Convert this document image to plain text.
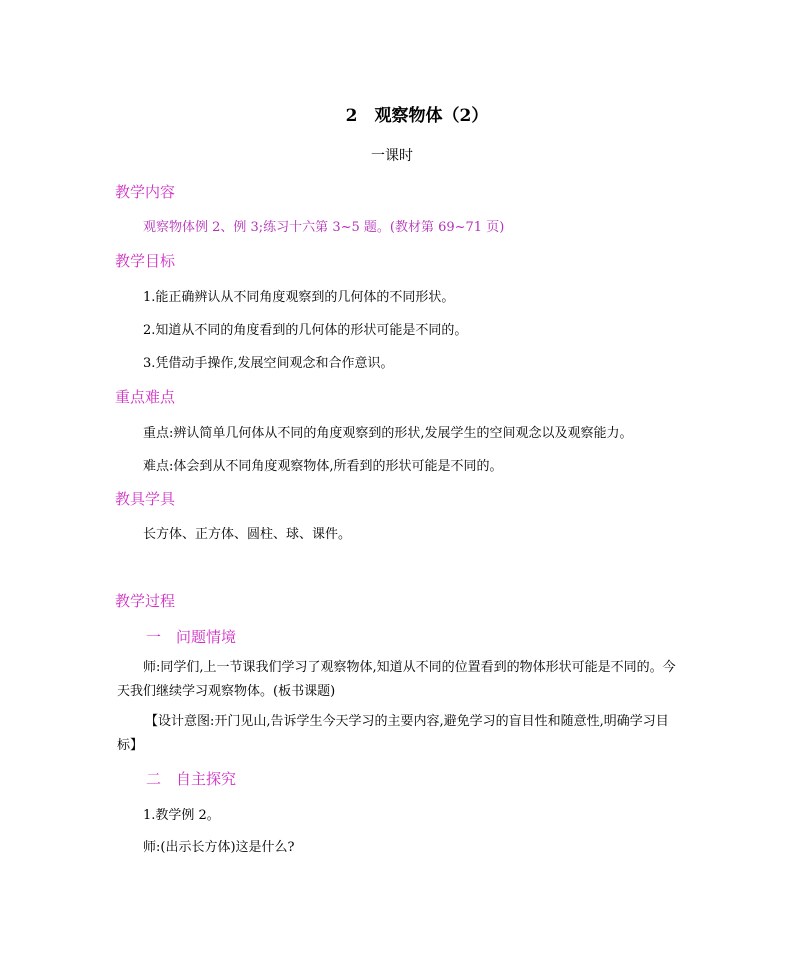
2　观察物体（2）
一课时
教学内容
观察物体例 2、例 3;练习十六第 3~5 题。(教材第 69~71 页)
教学目标
1.能正确辨认从不同角度观察到的几何体的不同形状。
2.知道从不同的角度看到的几何体的形状可能是不同的。
3.凭借动手操作,发展空间观念和合作意识。
重点难点
重点:辨认简单几何体从不同的角度观察到的形状,发展学生的空间观念以及观察能力。
难点:体会到从不同角度观察物体,所看到的形状可能是不同的。
教具学具
长方体、正方体、圆柱、球、课件。
教学过程
一　问题情境
师:同学们,上一节课我们学习了观察物体,知道从不同的位置看到的物体形状可能是不同的。今天我们继续学习观察物体。(板书课题)
【设计意图:开门见山,告诉学生今天学习的主要内容,避免学习的盲目性和随意性,明确学习目标】
二　自主探究
1.教学例 2。
师:(出示长方体)这是什么?
